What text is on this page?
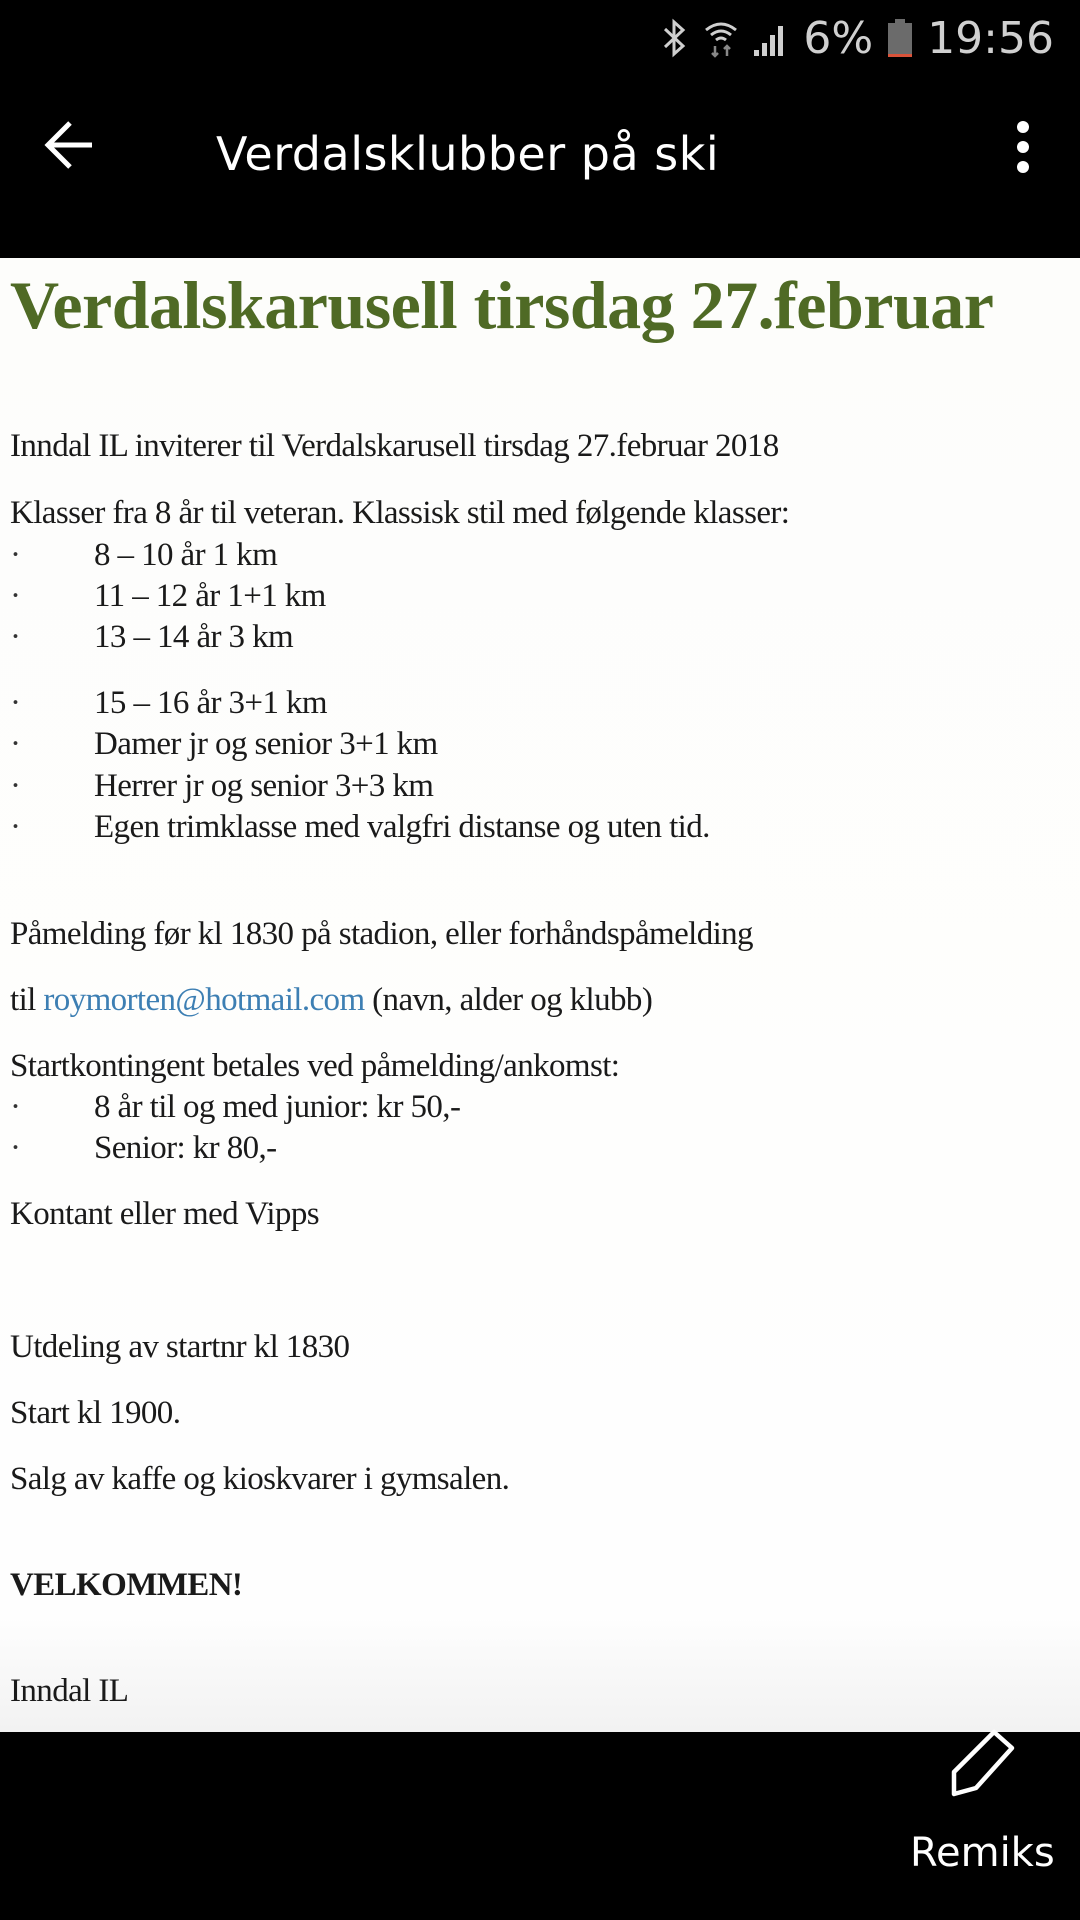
6% 19:56
Verdalsklubber på ski
Verdalskarusell tirsdag 27.februar
Inndal IL inviterer til Verdalskarusell tirsdag 27.februar 2018
Klasser fra 8 år til veteran. Klassisk stil med følgende klasser:
· 8 – 10 år 1 km
· 11 – 12 år 1+1 km
· 13 – 14 år 3 km
· 15 – 16 år 3+1 km
· Damer jr og senior 3+1 km
· Herrer jr og senior 3+3 km
· Egen trimklasse med valgfri distanse og uten tid.
Påmelding før kl 1830 på stadion, eller forhåndspåmelding
til roymorten@hotmail.com (navn, alder og klubb)
Startkontingent betales ved påmelding/ankomst:
· 8 år til og med junior: kr 50,-
· Senior: kr 80,-
Kontant eller med Vipps
Utdeling av startnr kl 1830
Start kl 1900.
Salg av kaffe og kioskvarer i gymsalen.
VELKOMMEN!
Inndal IL
Remiks
